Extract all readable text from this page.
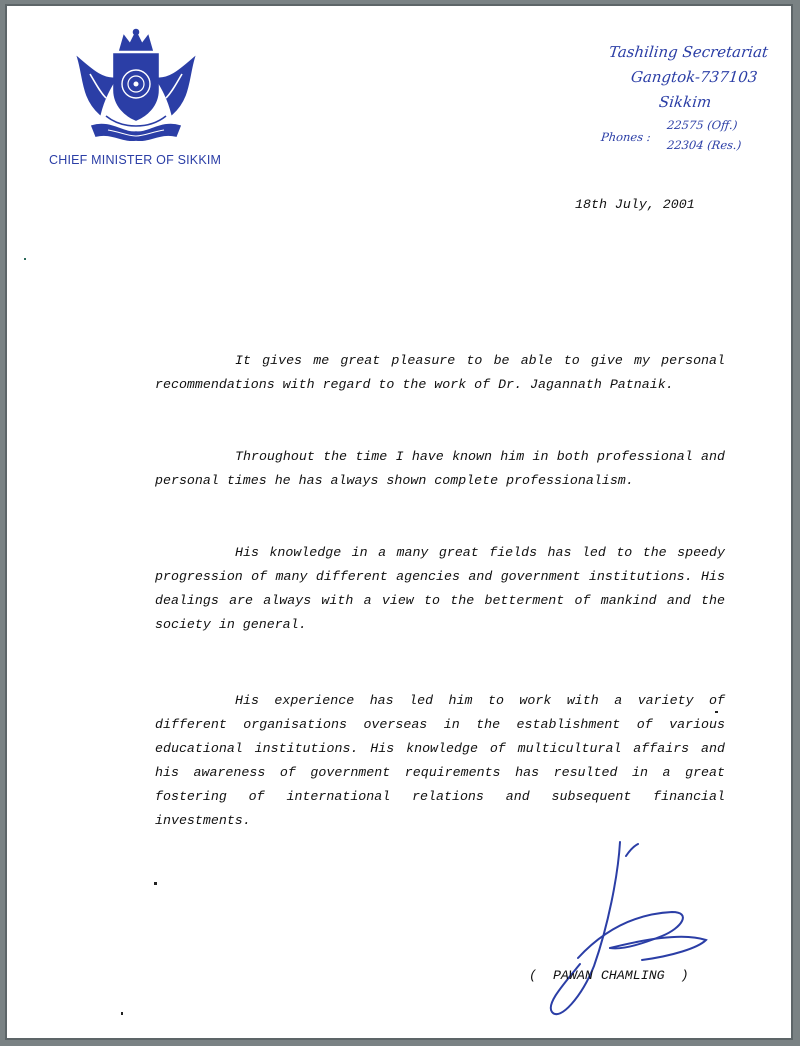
CHIEF MINISTER OF SIKKIM
Tashiling Secretariat
Gangtok-737103
Sikkim
Phones :
22575 (Off.)
22304 (Res.)
18th July, 2001
It gives me great pleasure to be able to give my personal recommendations with regard to the work of Dr. Jagannath Patnaik.
Throughout the time I have known him in both professional and personal times he has always shown complete professionalism.
His knowledge in a many great fields has led to the speedy progression of many different agencies and government institutions. His dealings are always with a view to the betterment of mankind and the society in general.
His experience has led him to work with a variety of different organisations overseas in the establishment of various educational institutions. His knowledge of multicultural affairs and his awareness of government requirements has resulted in a great fostering of international relations and subsequent financial investments.
(  PAWAN CHAMLING  )
